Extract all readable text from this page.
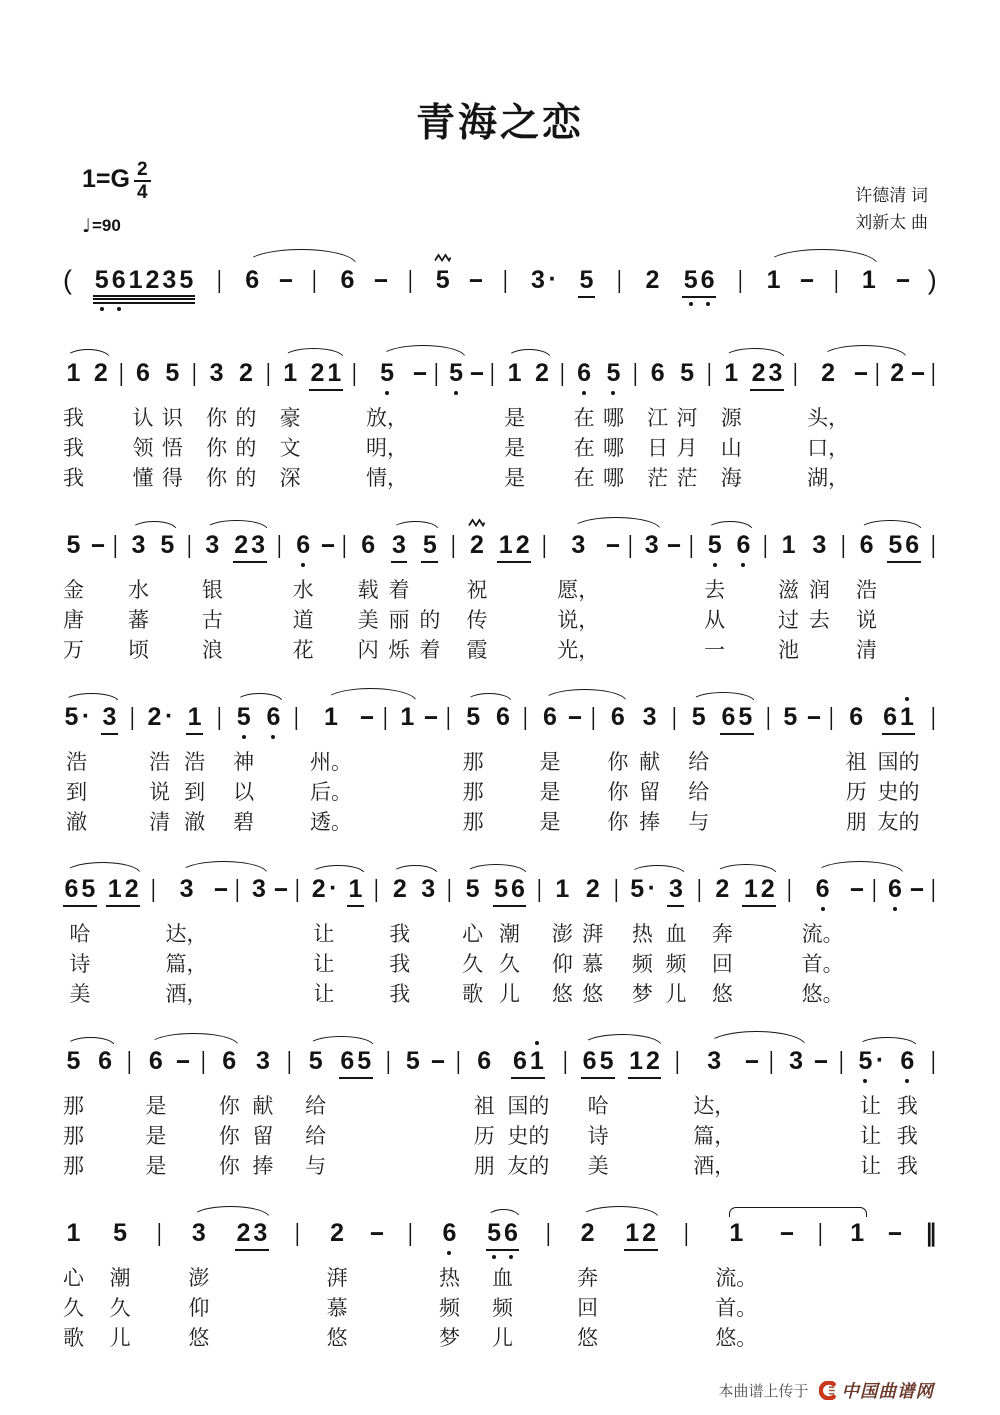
青海之恋
$1=G \frac{2}{4}$
♩ =90
许德清 词
刘新太 曲
( 5 6 1 2 3 5 | 6 - | 6 - | 5 - | 3 · 5 | 2 5 6 | 1 - | 1 - )
1
我
我
我
2 | 6
认
领
懂
5
识
悟
得
| 3
你
你
你
2
的
的
的
| 1
豪
文
深
2 1 | 5
放，
明，
情，
- | 5 - | 1
是
是
是
2 | 6
在
在
在
5
哪
哪
哪
| 6
江
日
茫
5
河
月
茫
| 1
源
山
海
2 3 | 2
头，
口，
湖，
- | 2 - |
5
金
唐
万
- | 3
水
蕃
顷
5 | 3
银
古
浪
2 3 | 6
水
道
花
- | 6
载
美
闪
3
着
丽
烁
5
的
着
| 2
祝
传
霞
1 2 | 3
愿，
说，
光，
- | 3 - | 5
去
从
一
6 | 1
滋
过
池
3
润
去
| 6
浩
说
清
5 6 |
5 ·
浩
到
澈
3 | 2 ·
浩
说
清
1
浩
到
澈
| 5
神
以
碧
6 | 1
州。
后。
透。
- | 1 - | 5
那
那
那
6 | 6
是
是
是
- | 6
你
你
你
3
献
留
捧
| 5
给
给
与
6 5 | 5 - | 6
祖
历
朋
6 1
国的
史的
友的
|
6 5
哈
诗
美
1 2 | 3
达，
篇，
酒，
- | 3 - | 2 ·
让
让
让
1 | 2
我
我
我
3 | 5
心
久
歌
5 6
潮
久
儿
| 1
澎
仰
悠
2
湃
慕
悠
| 5 ·
热
频
梦
3
血
频
儿
| 2
奔
回
悠
1 2 | 6
流。
首。
悠。
- | 6 - |
5
那
那
那
6 | 6
是
是
是
- | 6
你
你
你
3
献
留
捧
| 5
给
给
与
6 5 | 5 - | 6
祖
历
朋
6 1
国的
史的
友的
| 6 5
哈
诗
美
1 2 | 3
达，
篇，
酒，
- | 3 - | 5 ·
让
让
让
6
我
我
我
|
1
心
久
歌
5
潮
久
儿
| 3
澎
仰
悠
2 3 | 2
湃
慕
悠
- | 6
热
频
梦
5 6
血
频
儿
| 2
奔
回
悠
1 2 | 1
流。
首。
悠。
- | 1 - ‖
本曲谱上传于 中国曲谱网
